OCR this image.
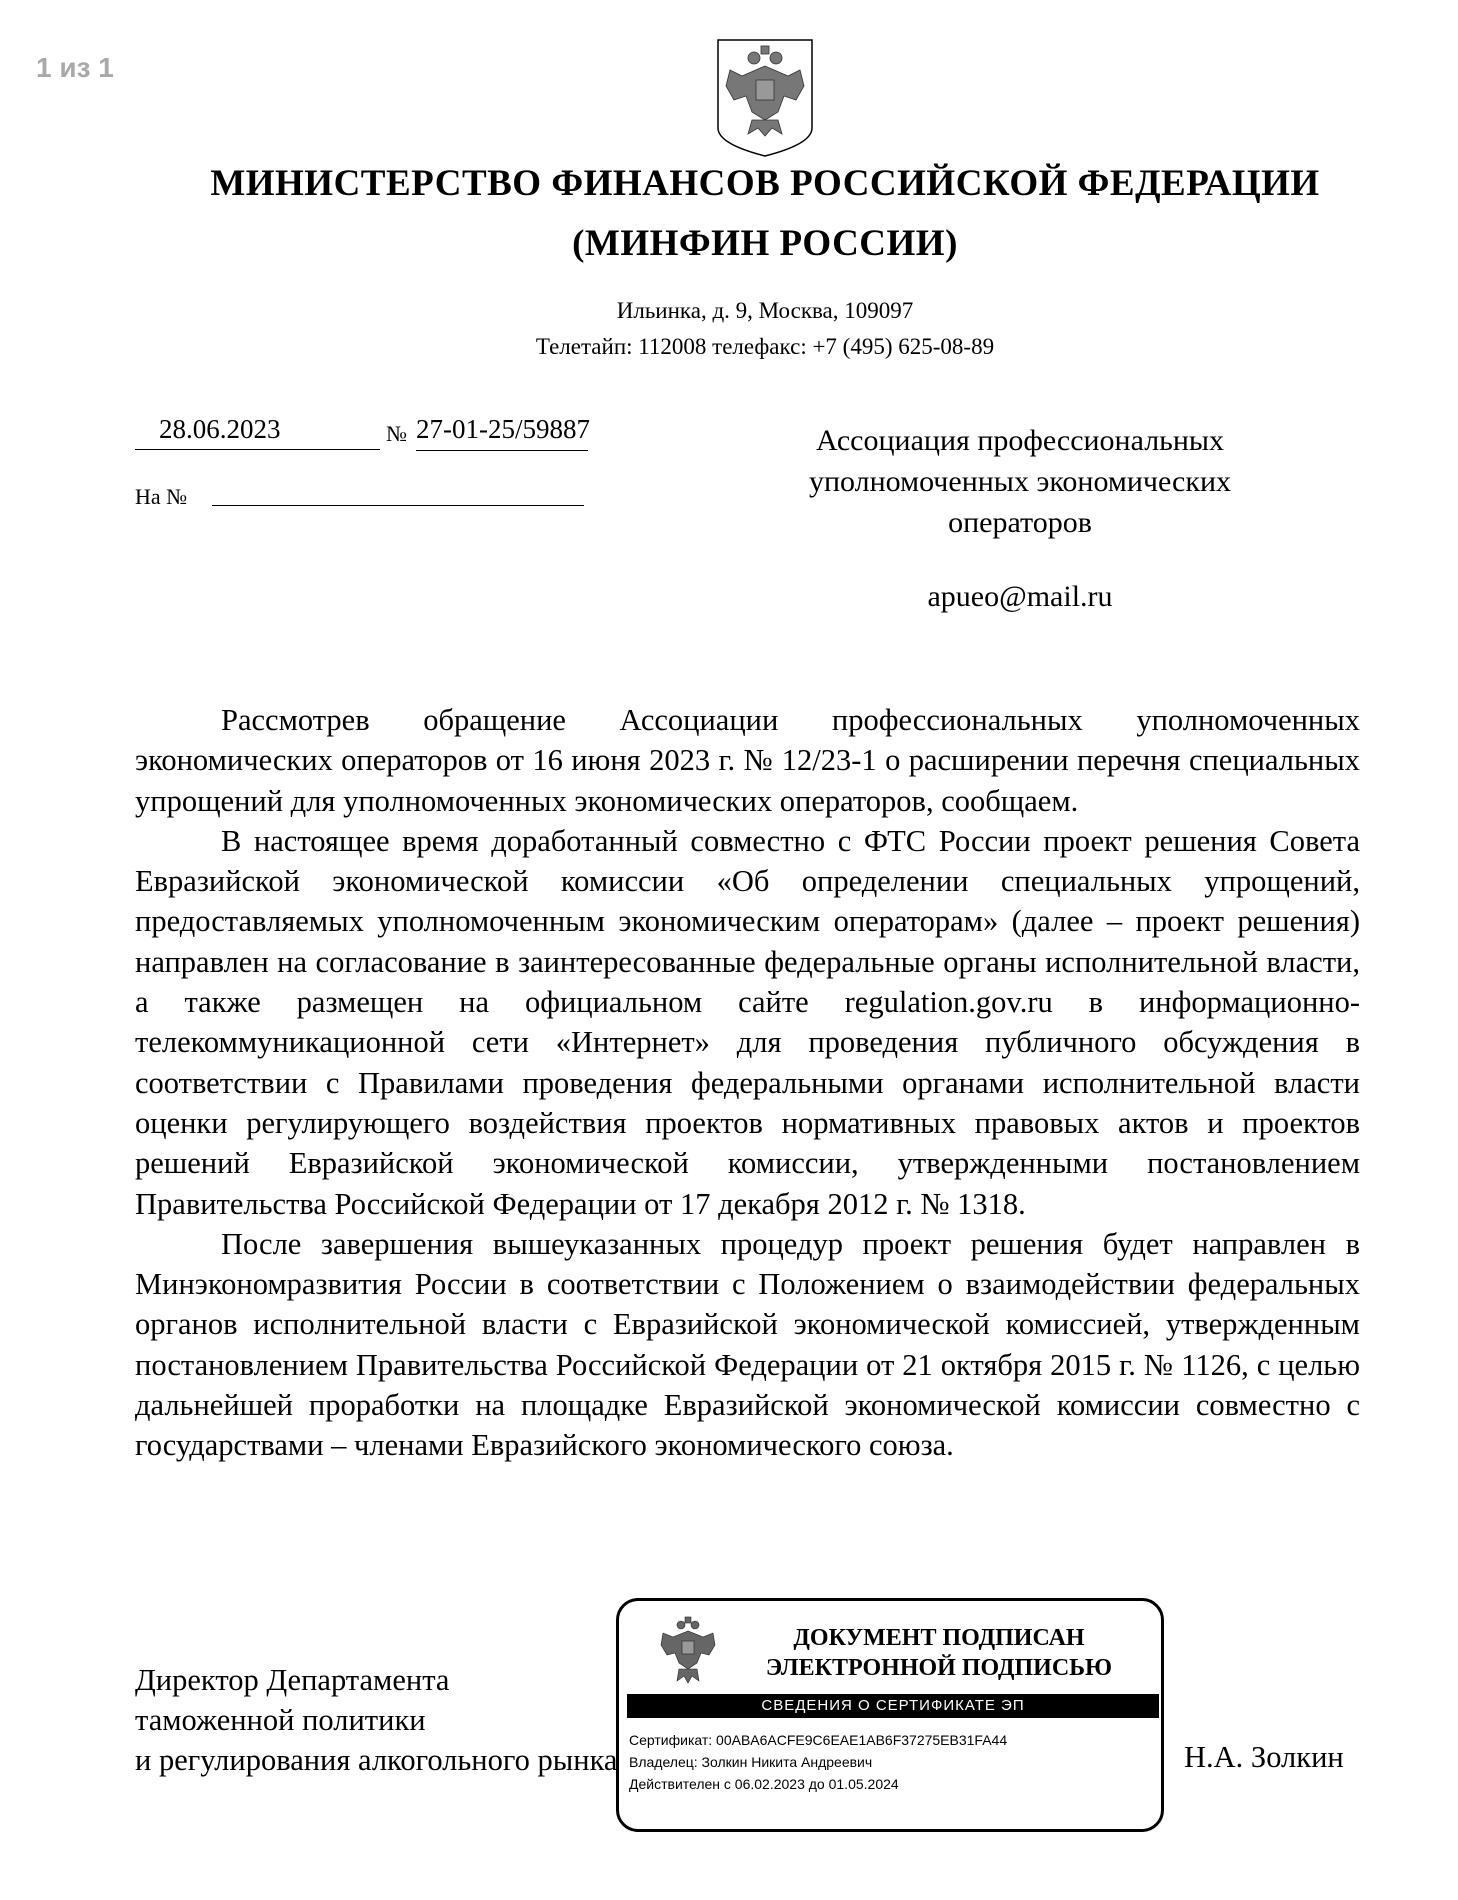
1 из 1
МИНИСТЕРСТВО ФИНАНСОВ РОССИЙСКОЙ ФЕДЕРАЦИИ
(МИНФИН РОССИИ)
Ильинка, д. 9, Москва, 109097
Телетайп: 112008 телефакс: +7 (495) 625-08-89
28.06.2023	№ 27-01-25/59887
На №
Ассоциация профессиональных
уполномоченных экономических
операторов
apueo@mail.ru

Рассмотрев обращение Ассоциации профессиональных уполномоченных экономических операторов от 16 июня 2023 г. № 12/23-1 о расширении перечня специальных упрощений для уполномоченных экономических операторов, сообщаем.

В настоящее время доработанный совместно с ФТС России проект решения Совета Евразийской экономической комиссии «Об определении специальных упрощений, предоставляемых уполномоченным экономическим операторам» (далее – проект решения) направлен на согласование в заинтересованные федеральные органы исполнительной власти, а также размещен на официальном сайте regulation.gov.ru в информационно-телекоммуникационной сети «Интернет» для проведения публичного обсуждения в соответствии с Правилами проведения федеральными органами исполнительной власти оценки регулирующего воздействия проектов нормативных правовых актов и проектов решений Евразийской экономической комиссии, утвержденными постановлением Правительства Российской Федерации от 17 декабря 2012 г. № 1318.

После завершения вышеуказанных процедур проект решения будет направлен в Минэкономразвития России в соответствии с Положением о взаимодействии федеральных органов исполнительной власти с Евразийской экономической комиссией, утвержденным постановлением Правительства Российской Федерации от 21 октября 2015 г. № 1126, с целью дальнейшей проработки на площадке Евразийской экономической комиссии совместно с государствами – членами Евразийского экономического союза.

Директор Департамента
таможенной политики
и регулирования алкогольного рынка
ДОКУМЕНТ ПОДПИСАН
ЭЛЕКТРОННОЙ ПОДПИСЬЮ
СВЕДЕНИЯ О СЕРТИФИКАТЕ ЭП
Сертификат: 00ABA6ACFE9C6EAE1AB6F37275EB31FA44
Владелец: Золкин Никита Андреевич
Действителен с 06.02.2023 до 01.05.2024
Н.А. Золкин
